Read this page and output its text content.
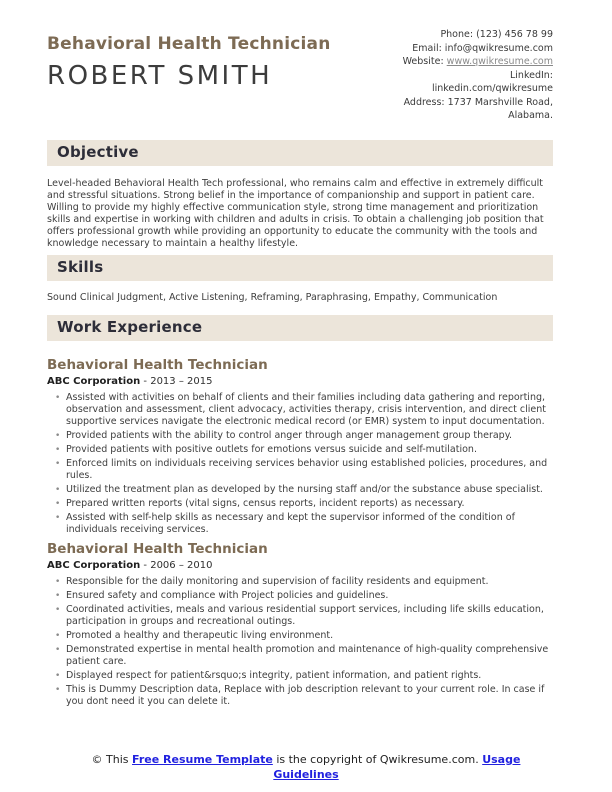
Behavioral Health Technician
ROBERT SMITH
Phone: (123) 456 78 99
Email: info@qwikresume.com
Website: www.qwikresume.com
LinkedIn:
linkedin.com/qwikresume
Address: 1737 Marshville Road,
Alabama.
Objective
Level-headed Behavioral Health Tech professional, who remains calm and effective in extremely difficult and stressful situations. Strong belief in the importance of companionship and support in patient care. Willing to provide my highly effective communication style, strong time management and prioritization skills and expertise in working with children and adults in crisis. To obtain a challenging job position that offers professional growth while providing an opportunity to educate the community with the tools and knowledge necessary to maintain a healthy lifestyle.
Skills
Sound Clinical Judgment, Active Listening, Reframing, Paraphrasing, Empathy, Communication
Work Experience
Behavioral Health Technician
ABC Corporation - 2013 – 2015
• Assisted with activities on behalf of clients and their families including data gathering and reporting, observation and assessment, client advocacy, activities therapy, crisis intervention, and direct client supportive services navigate the electronic medical record (or EMR) system to input documentation.
• Provided patients with the ability to control anger through anger management group therapy.
• Provided patients with positive outlets for emotions versus suicide and self-mutilation.
• Enforced limits on individuals receiving services behavior using established policies, procedures, and rules.
• Utilized the treatment plan as developed by the nursing staff and/or the substance abuse specialist.
• Prepared written reports (vital signs, census reports, incident reports) as necessary.
• Assisted with self-help skills as necessary and kept the supervisor informed of the condition of individuals receiving services.
Behavioral Health Technician
ABC Corporation - 2006 – 2010
• Responsible for the daily monitoring and supervision of facility residents and equipment.
• Ensured safety and compliance with Project policies and guidelines.
• Coordinated activities, meals and various residential support services, including life skills education, participation in groups and recreational outings.
• Promoted a healthy and therapeutic living environment.
• Demonstrated expertise in mental health promotion and maintenance of high-quality comprehensive patient care.
• Displayed respect for patient&rsquo;s integrity, patient information, and patient rights.
• This is Dummy Description data, Replace with job description relevant to your current role. In case if you dont need it you can delete it.
© This Free Resume Template is the copyright of Qwikresume.com. Usage Guidelines
